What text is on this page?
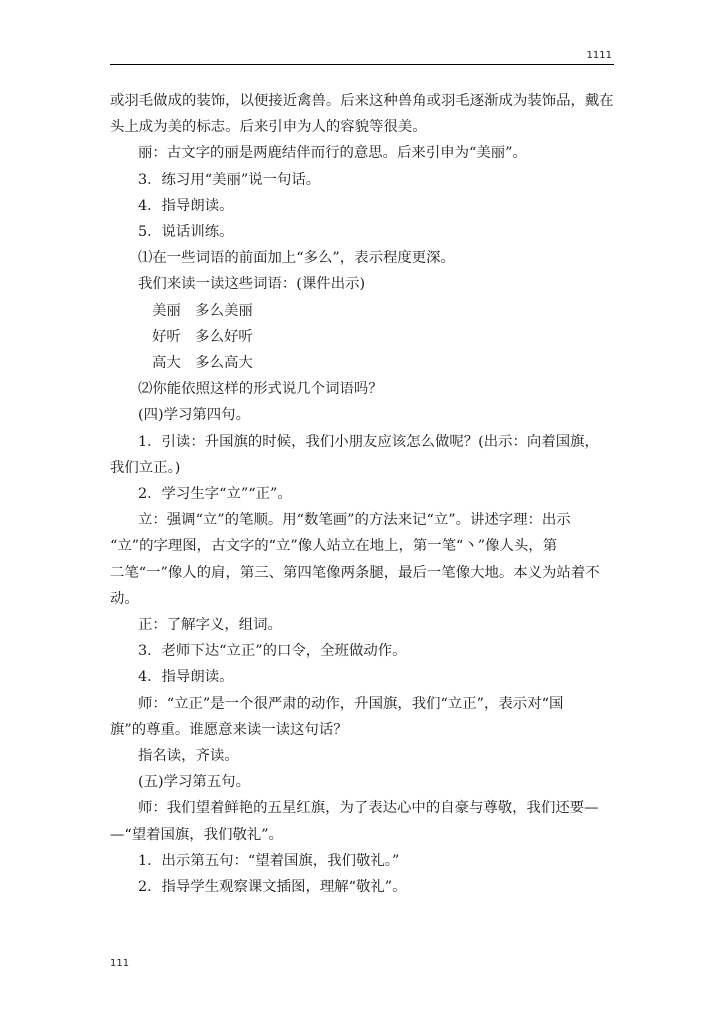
1111

或羽毛做成的装饰，以便接近禽兽。后来这种兽角或羽毛逐渐成为装饰品，戴在

头上成为美的标志。后来引申为人的容貌等很美。

丽：古文字的丽是两鹿结伴而行的意思。后来引申为“美丽”。

3．练习用“美丽”说一句话。

4．指导朗读。

5．说话训练。

⑴在一些词语的前面加上“多么”，表示程度更深。

我们来读一读这些词语：(课件出示)

美丽　多么美丽

好听　多么好听

高大　多么高大

⑵你能依照这样的形式说几个词语吗？

(四)学习第四句。

1．引读：升国旗的时候，我们小朋友应该怎么做呢？(出示：向着国旗，

我们立正。)

2．学习生字“立”“正”。

立：强调“立”的笔顺。用“数笔画”的方法来记“立”。讲述字理：出示

“立”的字理图，古文字的“立”像人站立在地上，第一笔“丶”像人头，第

二笔“一”像人的肩，第三、第四笔像两条腿，最后一笔像大地。本义为站着不

动。

正：了解字义，组词。

3．老师下达“立正”的口令，全班做动作。

4．指导朗读。

师：“立正”是一个很严肃的动作，升国旗，我们“立正”，表示对“国

旗”的尊重。谁愿意来读一读这句话？

指名读，齐读。

(五)学习第五句。

师：我们望着鲜艳的五星红旗，为了表达心中的自豪与尊敬，我们还要—

—“望着国旗，我们敬礼”。

1．出示第五句：“望着国旗，我们敬礼。”

2．指导学生观察课文插图，理解“敬礼”。

111
